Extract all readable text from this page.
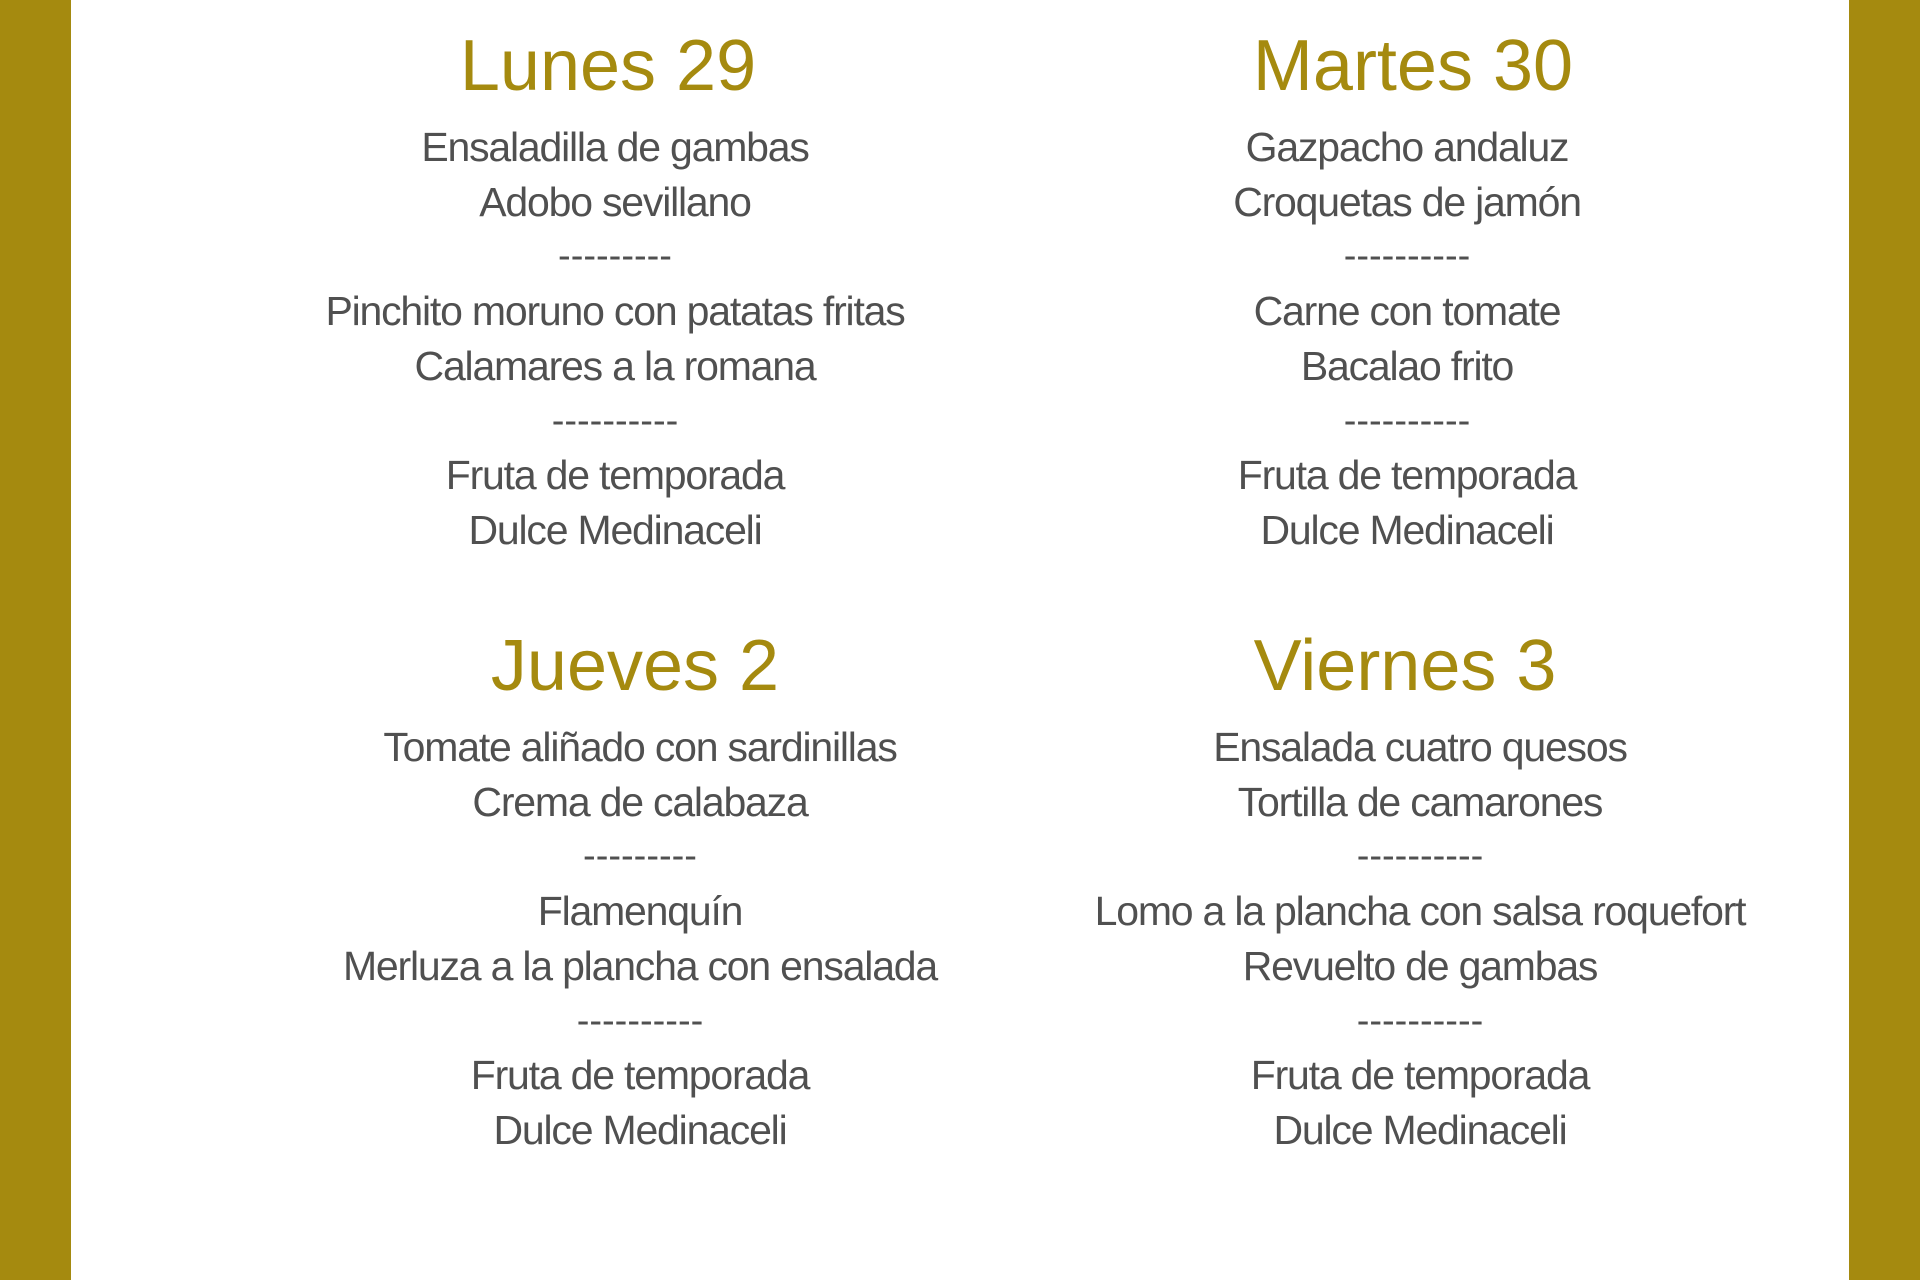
Lunes 29
Ensaladilla de gambas
Adobo sevillano
---------
Pinchito moruno con patatas fritas
Calamares a la romana
----------
Fruta de temporada
Dulce Medinaceli
Martes 30
Gazpacho andaluz
Croquetas de jamón
----------
Carne con tomate
Bacalao frito
----------
Fruta de temporada
Dulce Medinaceli
Jueves 2
Tomate aliñado con sardinillas
Crema de calabaza
---------
Flamenquín
Merluza a la plancha con ensalada
----------
Fruta de temporada
Dulce Medinaceli
Viernes 3
Ensalada cuatro quesos
Tortilla de camarones
----------
Lomo a la plancha con salsa roquefort
Revuelto de gambas
----------
Fruta de temporada
Dulce Medinaceli
